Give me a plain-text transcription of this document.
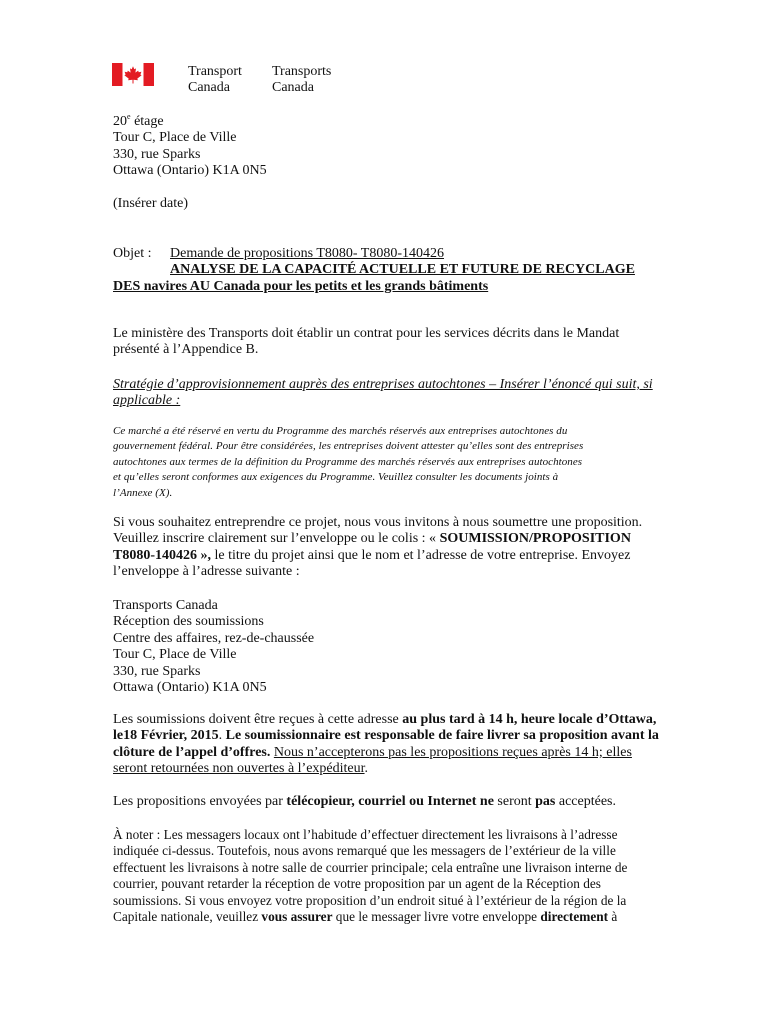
Transport
Canada
Transports
Canada
20e étage
Tour C, Place de Ville
330, rue Sparks
Ottawa (Ontario) K1A 0N5
(Insérer date)
Objet : Demande de propositions T8080- T8080-140426
ANALYSE DE LA CAPACITÉ ACTUELLE ET FUTURE DE RECYCLAGE
DES navires AU Canada pour les petits et les grands bâtiments
Le ministère des Transports doit établir un contrat pour les services décrits dans le Mandat
présenté à l’Appendice B.
Stratégie d’approvisionnement auprès des entreprises autochtones – Insérer l’énoncé qui suit, si
applicable :
Ce marché a été réservé en vertu du Programme des marchés réservés aux entreprises autochtones du
gouvernement fédéral. Pour être considérées, les entreprises doivent attester qu’elles sont des entreprises
autochtones aux termes de la définition du Programme des marchés réservés aux entreprises autochtones
et qu’elles seront conformes aux exigences du Programme. Veuillez consulter les documents joints à
l’Annexe (X).
Si vous souhaitez entreprendre ce projet, nous vous invitons à nous soumettre une proposition.
Veuillez inscrire clairement sur l’enveloppe ou le colis : « SOUMISSION/PROPOSITION
T8080-140426 », le titre du projet ainsi que le nom et l’adresse de votre entreprise. Envoyez
l’enveloppe à l’adresse suivante :
Transports Canada
Réception des soumissions
Centre des affaires, rez-de-chaussée
Tour C, Place de Ville
330, rue Sparks
Ottawa (Ontario) K1A 0N5
Les soumissions doivent être reçues à cette adresse au plus tard à 14 h, heure locale d’Ottawa,
le18 Février, 2015. Le soumissionnaire est responsable de faire livrer sa proposition avant la
clôture de l’appel d’offres. Nous n’accepterons pas les propositions reçues après 14 h; elles
seront retournées non ouvertes à l’expéditeur.
Les propositions envoyées par télécopieur, courriel ou Internet ne seront pas acceptées.
À noter : Les messagers locaux ont l’habitude d’effectuer directement les livraisons à l’adresse
indiquée ci-dessus. Toutefois, nous avons remarqué que les messagers de l’extérieur de la ville
effectuent les livraisons à notre salle de courrier principale; cela entraîne une livraison interne de
courrier, pouvant retarder la réception de votre proposition par un agent de la Réception des
soumissions. Si vous envoyez votre proposition d’un endroit situé à l’extérieur de la région de la
Capitale nationale, veuillez vous assurer que le messager livre votre enveloppe directement à
